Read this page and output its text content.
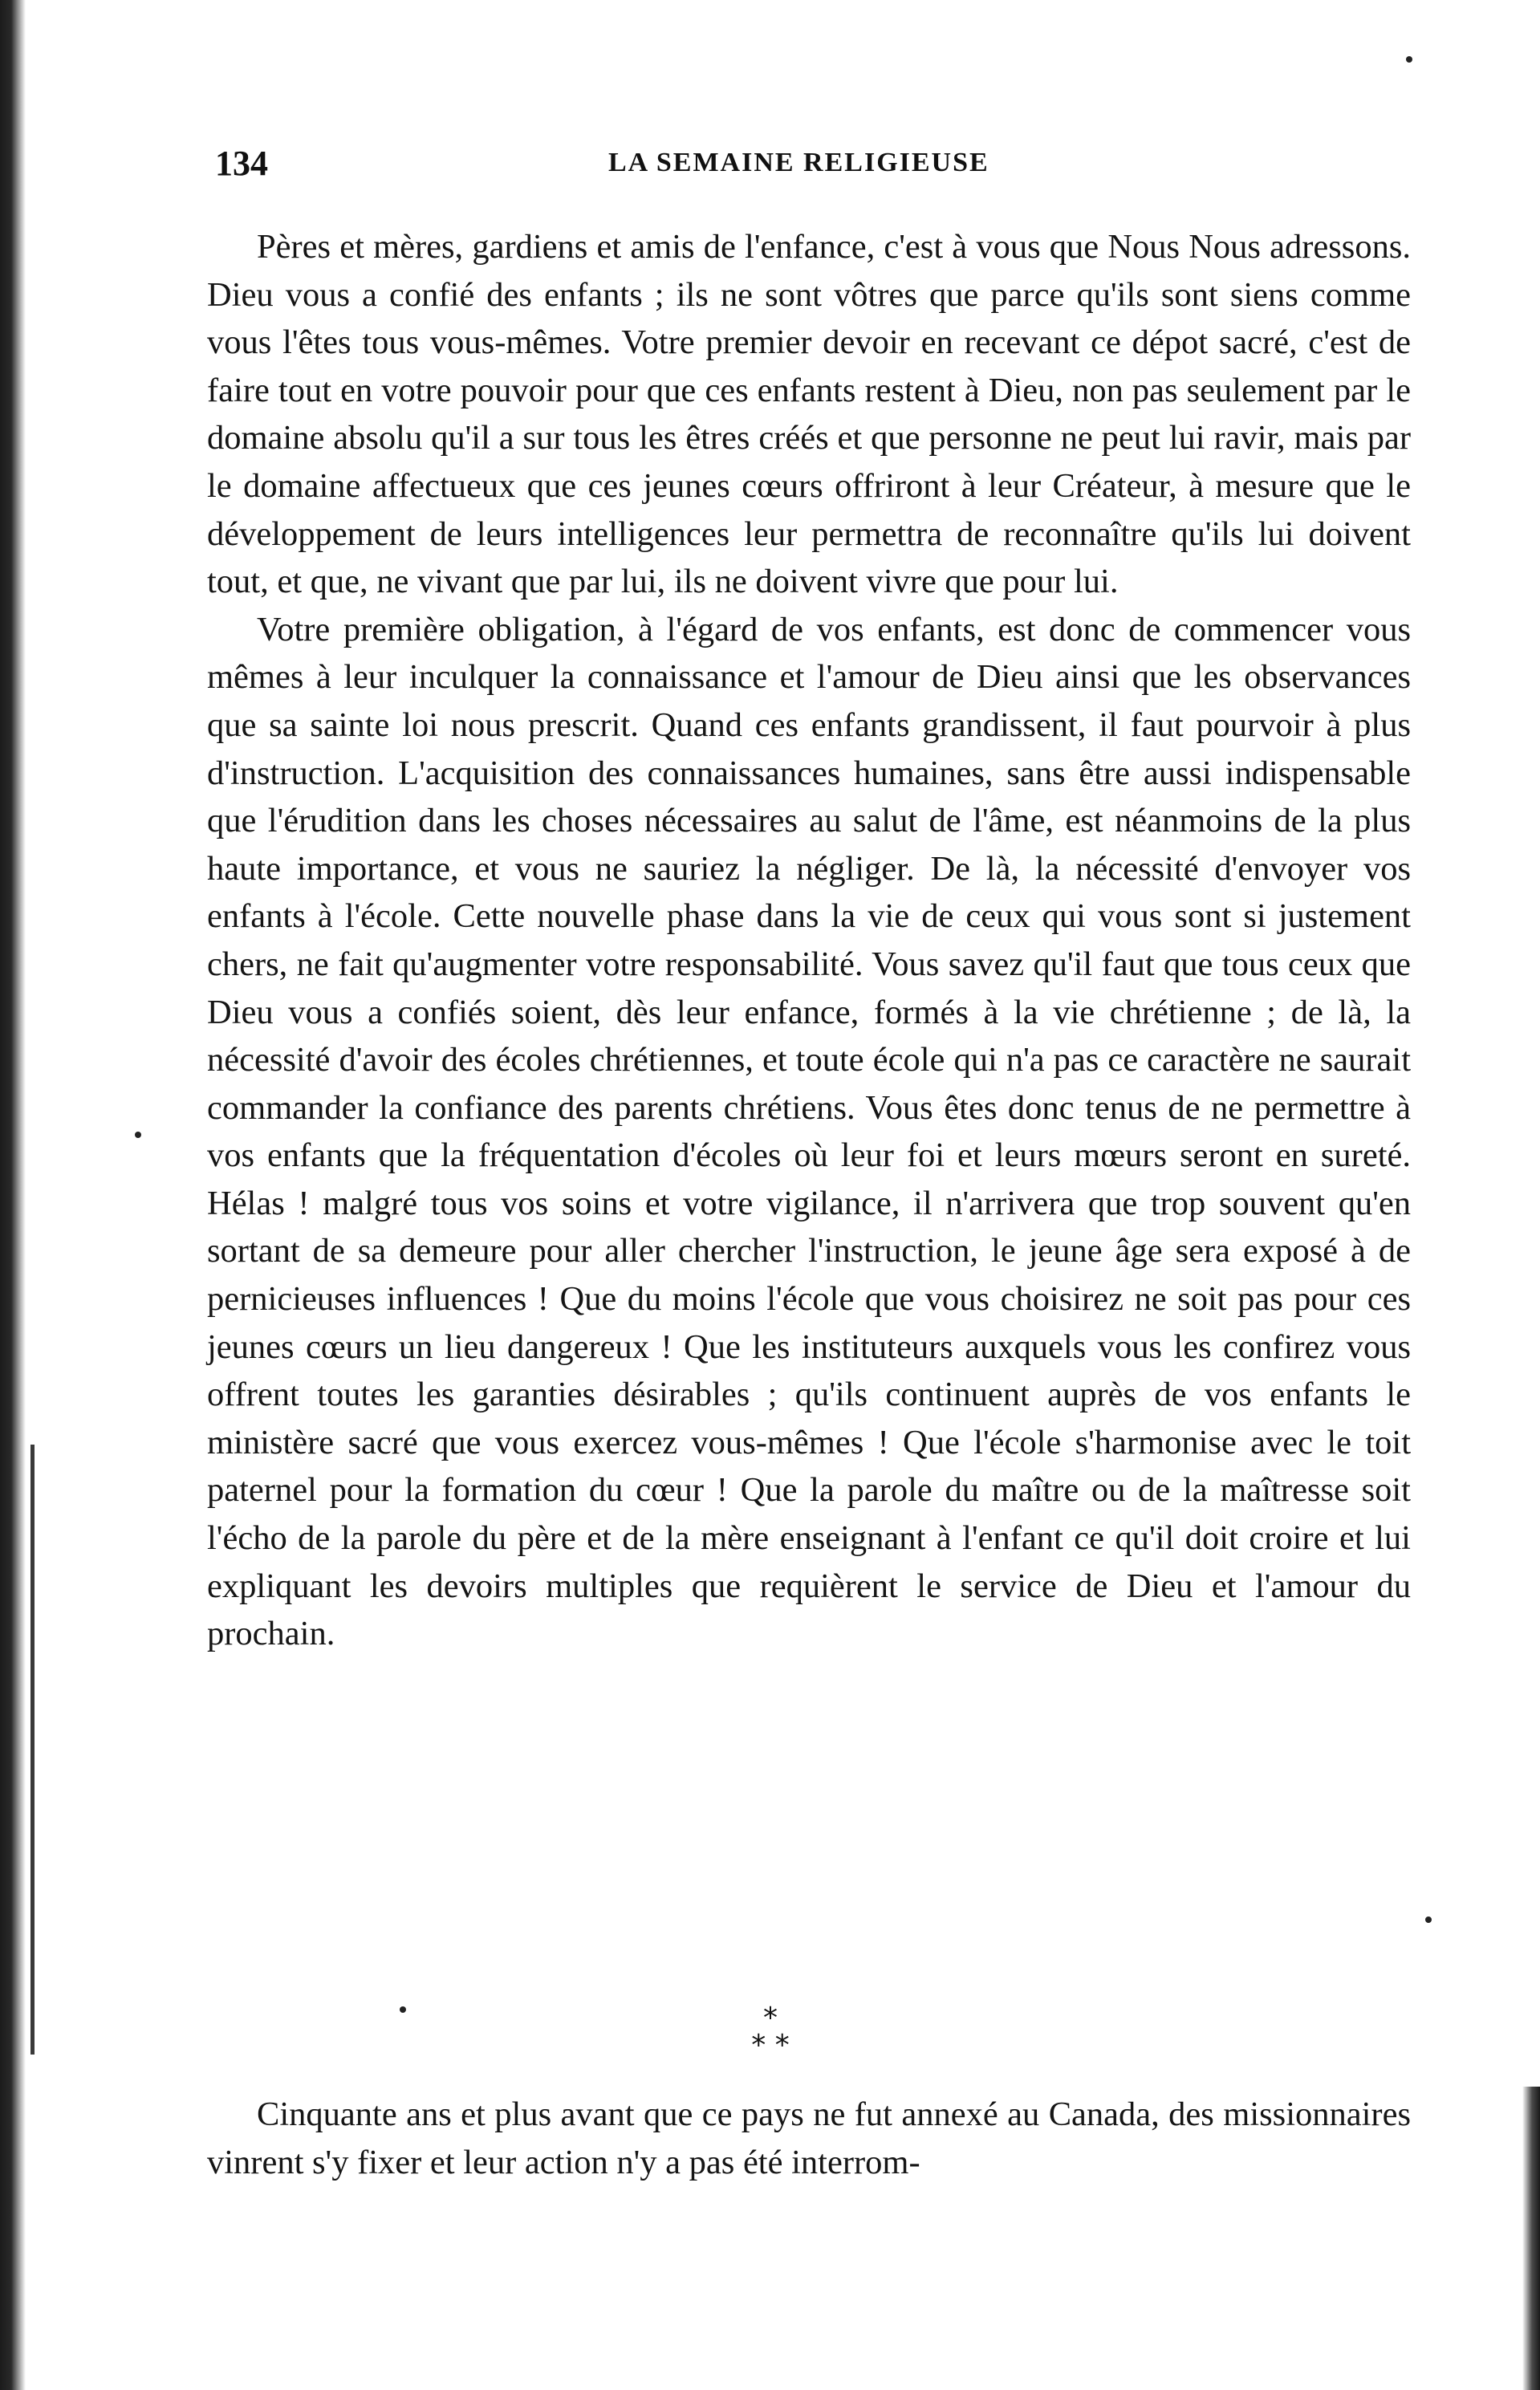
134	LA SEMAINE RELIGIEUSE

Pères et mères, gardiens et amis de l'enfance, c'est à vous que Nous Nous adressons. Dieu vous a confié des enfants ; ils ne sont vôtres que parce qu'ils sont siens comme vous l'êtes tous vous-mêmes. Votre premier devoir en recevant ce dépot sacré, c'est de faire tout en votre pouvoir pour que ces enfants restent à Dieu, non pas seulement par le domaine absolu qu'il a sur tous les êtres créés et que personne ne peut lui ravir, mais par le domaine affectueux que ces jeunes cœurs offriront à leur Créateur, à mesure que le développement de leurs intelligences leur permettra de reconnaître qu'ils lui doivent tout, et que, ne vivant que par lui, ils ne doivent vivre que pour lui.

Votre première obligation, à l'égard de vos enfants, est donc de commencer vous mêmes à leur inculquer la connaissance et l'amour de Dieu ainsi que les observances que sa sainte loi nous prescrit. Quand ces enfants grandissent, il faut pourvoir à plus d'instruction. L'acquisition des connaissances humaines, sans être aussi indispensable que l'érudition dans les choses nécessaires au salut de l'âme, est néanmoins de la plus haute importance, et vous ne sauriez la négliger. De là, la nécessité d'envoyer vos enfants à l'école. Cette nouvelle phase dans la vie de ceux qui vous sont si justement chers, ne fait qu'augmenter votre responsabilité. Vous savez qu'il faut que tous ceux que Dieu vous a confiés soient, dès leur enfance, formés à la vie chrétienne ; de là, la nécessité d'avoir des écoles chrétiennes, et toute école qui n'a pas ce caractère ne saurait commander la confiance des parents chrétiens. Vous êtes donc tenus de ne permettre à vos enfants que la fréquentation d'écoles où leur foi et leurs mœurs seront en sureté. Hélas ! malgré tous vos soins et votre vigilance, il n'arrivera que trop souvent qu'en sortant de sa demeure pour aller chercher l'instruction, le jeune âge sera exposé à de pernicieuses influences ! Que du moins l'école que vous choisirez ne soit pas pour ces jeunes cœurs un lieu dangereux ! Que les instituteurs auxquels vous les confirez vous offrent toutes les garanties désirables ; qu'ils continuent auprès de vos enfants le ministère sacré que vous exercez vous-mêmes ! Que l'école s'harmonise avec le toit paternel pour la formation du cœur ! Que la parole du maître ou de la maîtresse soit l'écho de la parole du père et de la mère enseignant à l'enfant ce qu'il doit croire et lui expliquant les devoirs multiples que requièrent le service de Dieu et l'amour du prochain.

*
* *

Cinquante ans et plus avant que ce pays ne fut annexé au Canada, des missionnaires vinrent s'y fixer et leur action n'y a pas été interrom-
